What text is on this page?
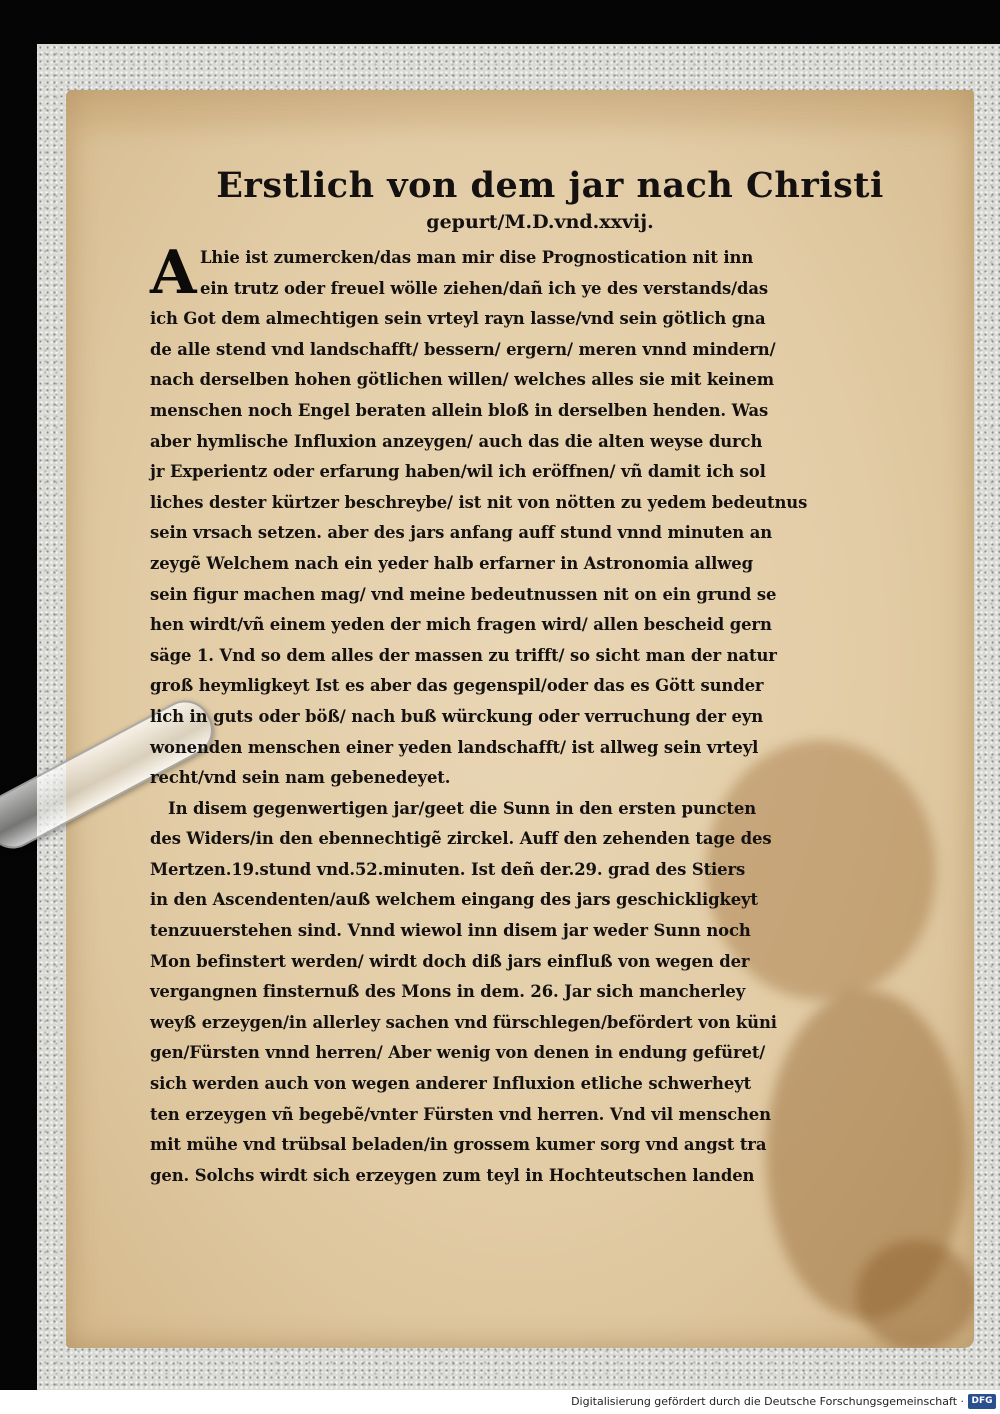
Erstlich von dem jar nach Christi
gepurt/M.D.vnd.xxvij.
A Lhie ist zumercken/das man mir dise Prognostication nit inn
ein trutz oder freuel wölle ziehen/dañ ich ye des verstands/das
ich Got dem almechtigen sein vrteyl rayn lasse/vnd sein götlich gna
de alle stend vnd landschafft/ bessern/ ergern/ meren vnnd mindern/
nach derselben hohen götlichen willen/ welches alles sie mit keinem
menschen noch Engel beraten allein bloß in derselben henden. Was
aber hymlische Influxion anzeygen/ auch das die alten weyse durch
jr Experientz oder erfarung haben/wil ich eröffnen/ vñ damit ich sol
liches dester kürtzer beschreybe/ ist nit von nötten zu yedem bedeutnus
sein vrsach setzen. aber des jars anfang auff stund vnnd minuten an
zeygẽ Welchem nach ein yeder halb erfarner in Astronomia allweg
sein figur machen mag/ vnd meine bedeutnussen nit on ein grund se
hen wirdt/vñ einem yeden der mich fragen wird/ allen bescheid gern
säge 1. Vnd so dem alles der massen zu trifft/ so sicht man der natur
groß heymligkeyt Ist es aber das gegenspil/oder das es Gött sunder
lich in guts oder böß/ nach buß würckung oder verruchung der eyn
wonenden menschen einer yeden landschafft/ ist allweg sein vrteyl
recht/vnd sein nam gebenedeyet.
In disem gegenwertigen jar/geet die Sunn in den ersten puncten
des Widers/in den ebennechtigẽ zirckel. Auff den zehenden tage des
Mertzen.19.stund vnd.52.minuten. Ist deñ der.29. grad des Stiers
in den Ascendenten/auß welchem eingang des jars geschickligkeyt
tenzuuerstehen sind. Vnnd wiewol inn disem jar weder Sunn noch
Mon befinstert werden/ wirdt doch diß jars einfluß von wegen der
vergangnen finsternuß des Mons in dem. 26. Jar sich mancherley
weyß erzeygen/in allerley sachen vnd fürschlegen/befördert von küni
gen/Fürsten vnnd herren/ Aber wenig von denen in endung gefüret/
sich werden auch von wegen anderer Influxion etliche schwerheyt
ten erzeygen vñ begebẽ/vnter Fürsten vnd herren. Vnd vil menschen
mit mühe vnd trübsal beladen/in grossem kumer sorg vnd angst tra
gen. Solchs wirdt sich erzeygen zum teyl in Hochteutschen landen
Digitalisierung gefördert durch die Deutsche Forschungsgemeinschaft · DFG
